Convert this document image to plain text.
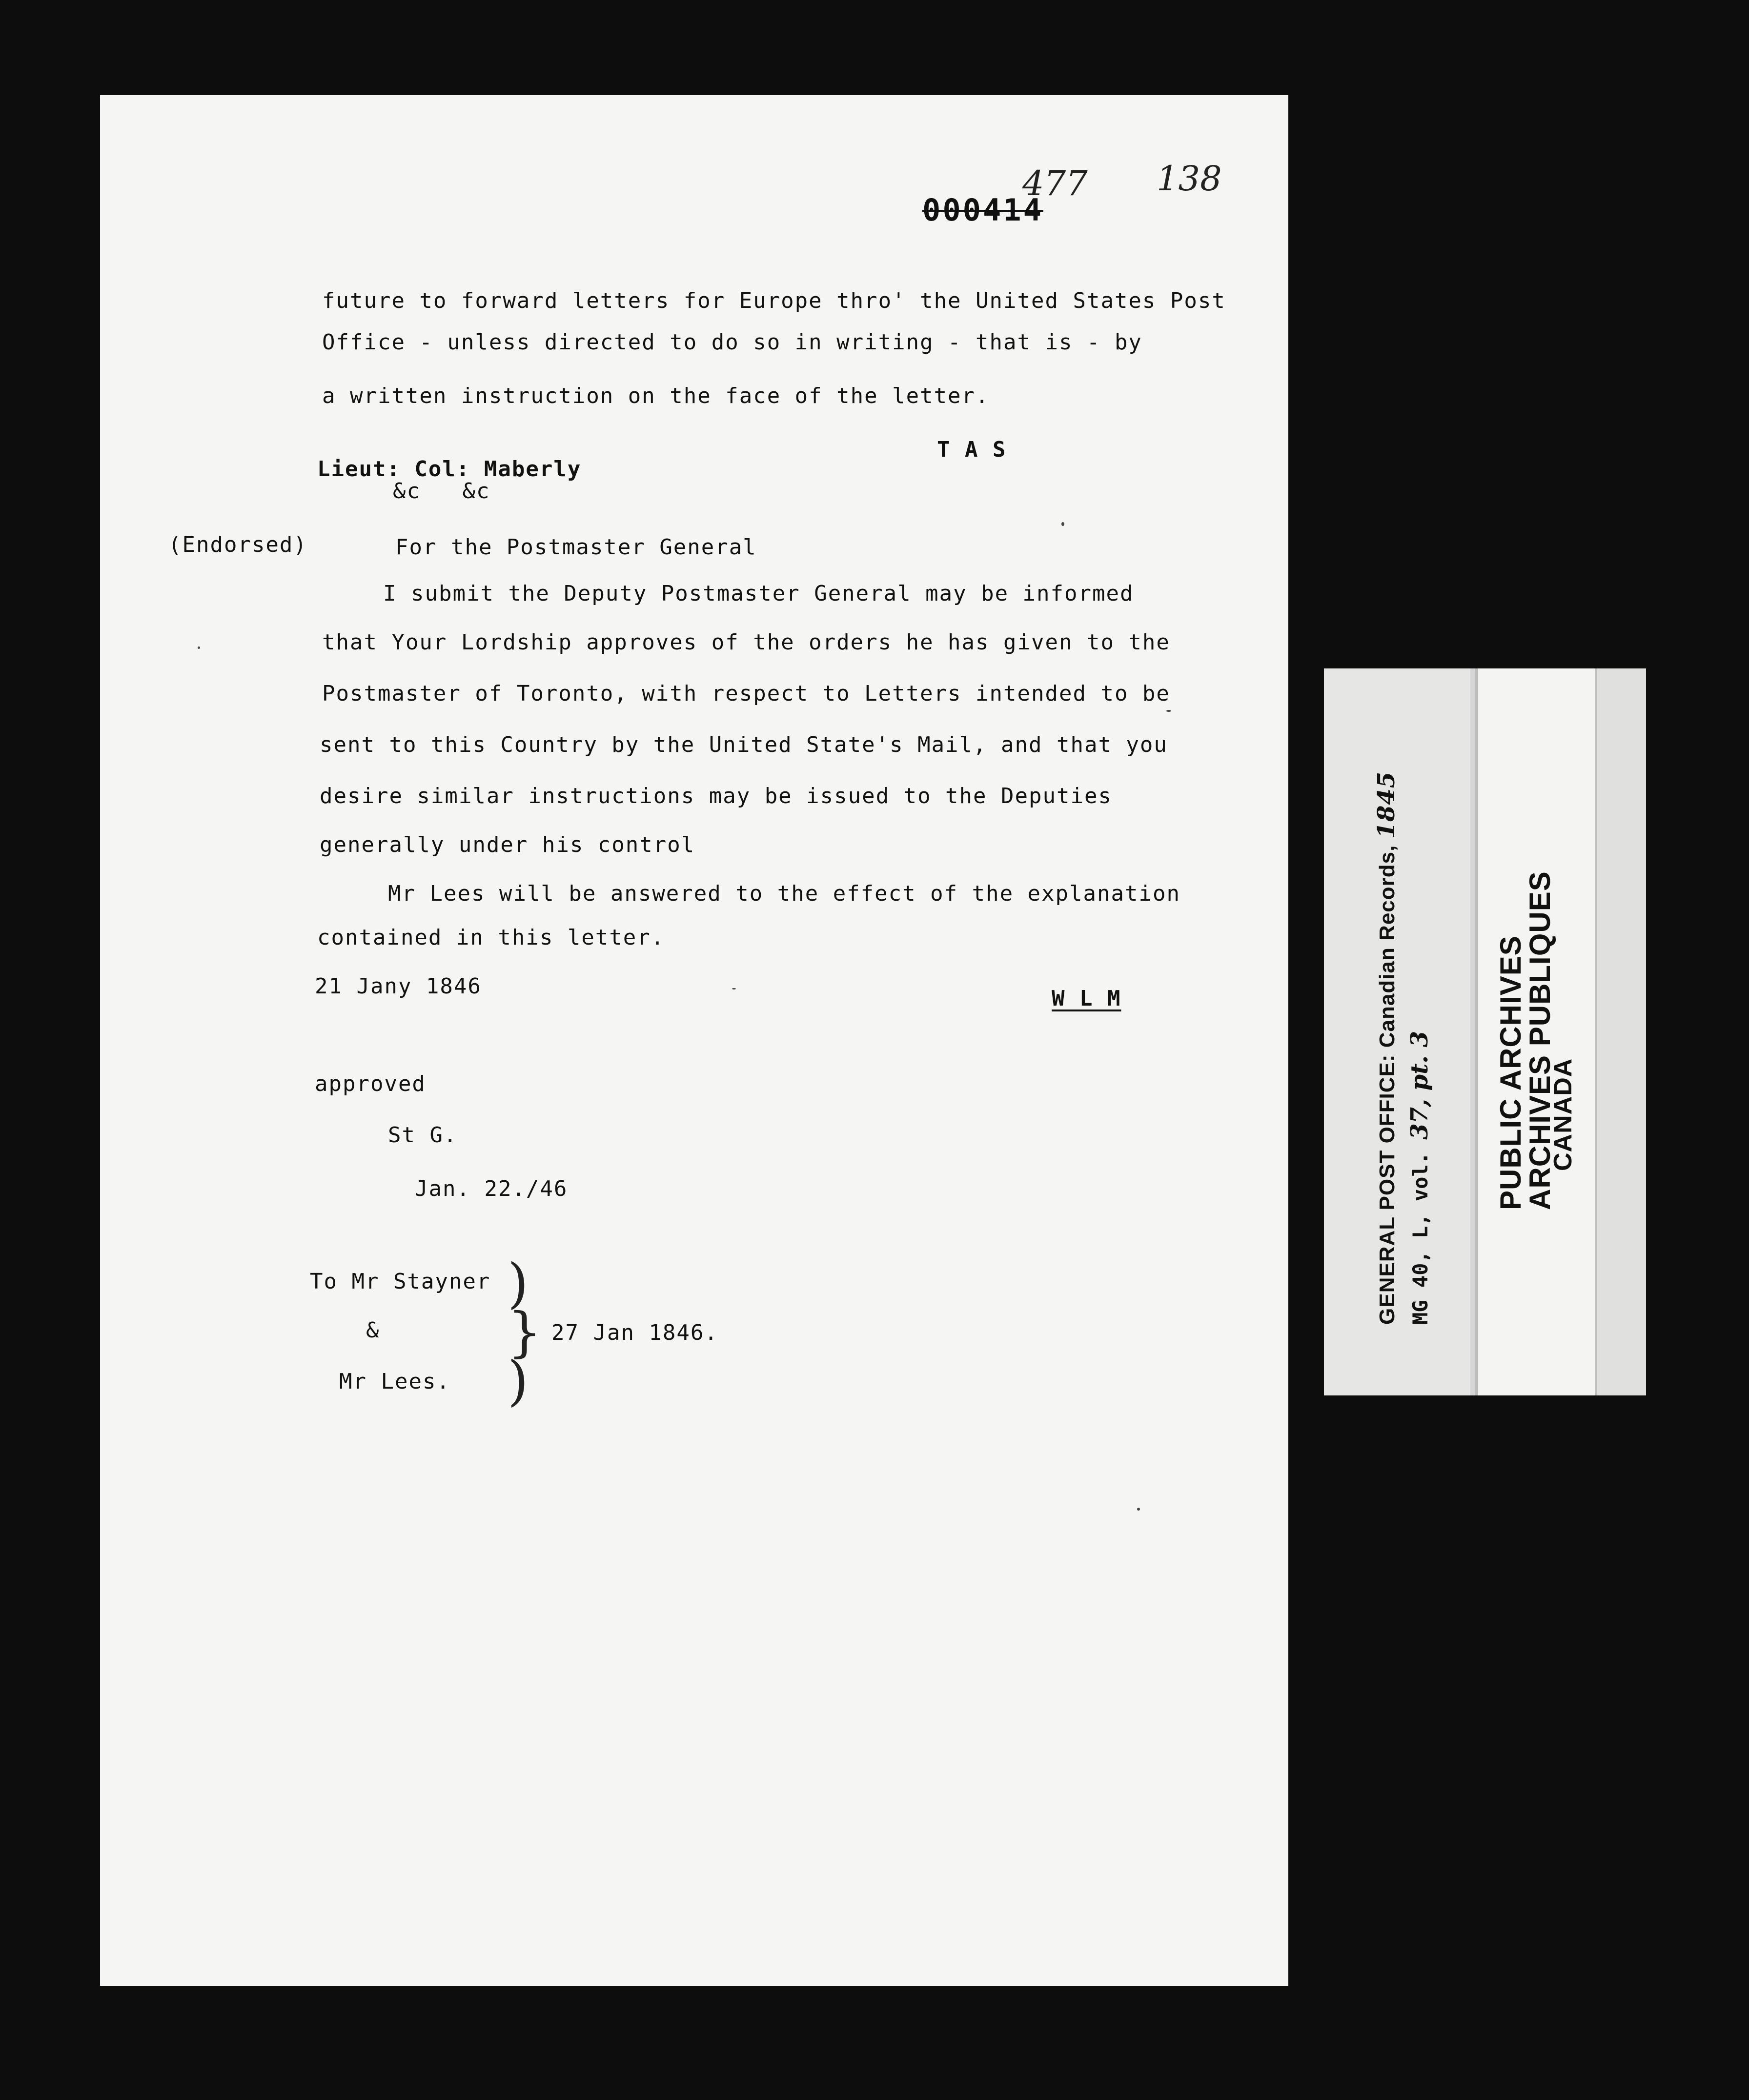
477 138
000414
future to forward letters for Europe thro' the United States Post
Office - unless directed to do so in writing - that is - by
a written instruction on the face of the letter.
T A S
Lieut: Col: Maberly
&c   &c
(Endorsed)	For the Postmaster General
I submit the Deputy Postmaster General may be informed
that Your Lordship approves of the orders he has given to the
Postmaster of Toronto, with respect to Letters intended to be
sent to this Country by the United State's Mail, and that you
desire similar instructions may be issued to the Deputies
generally under his control
Mr Lees will be answered to the effect of the explanation
contained in this letter.
21 Jany 1846	W L M
approved
St G.
Jan. 22./46
To Mr Stayner
&
Mr Lees.
)
}
)
27 Jan 1846.
GENERAL POST OFFICE: Canadian Records, 1845
MG 40, L, vol. 37, pt. 3 PUBLIC ARCHIVES
ARCHIVES PUBLIQUES
CANADA
